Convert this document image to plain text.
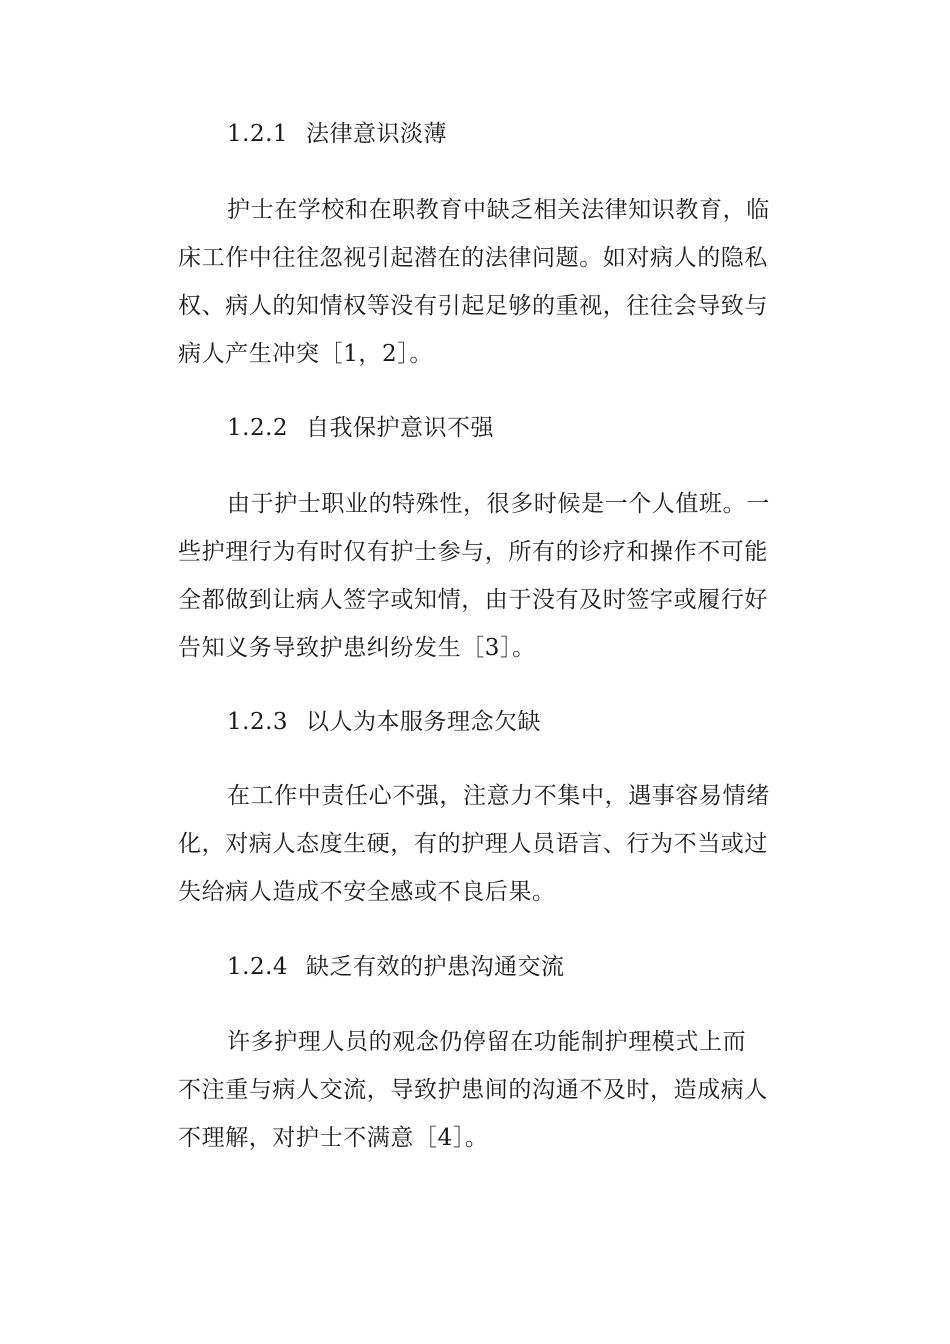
1.2.1 法律意识淡薄
护士在学校和在职教育中缺乏相关法律知识教育，临
床工作中往往忽视引起潜在的法律问题。如对病人的隐私
权、病人的知情权等没有引起足够的重视，往往会导致与
病人产生冲突［1，2］。
1.2.2 自我保护意识不强
由于护士职业的特殊性，很多时候是一个人值班。一
些护理行为有时仅有护士参与，所有的诊疗和操作不可能
全都做到让病人签字或知情，由于没有及时签字或履行好
告知义务导致护患纠纷发生［3］。
1.2.3 以人为本服务理念欠缺
在工作中责任心不强，注意力不集中，遇事容易情绪
化，对病人态度生硬，有的护理人员语言、行为不当或过
失给病人造成不安全感或不良后果。
1.2.4 缺乏有效的护患沟通交流
许多护理人员的观念仍停留在功能制护理模式上而
不注重与病人交流，导致护患间的沟通不及时，造成病人
不理解，对护士不满意［4］。
